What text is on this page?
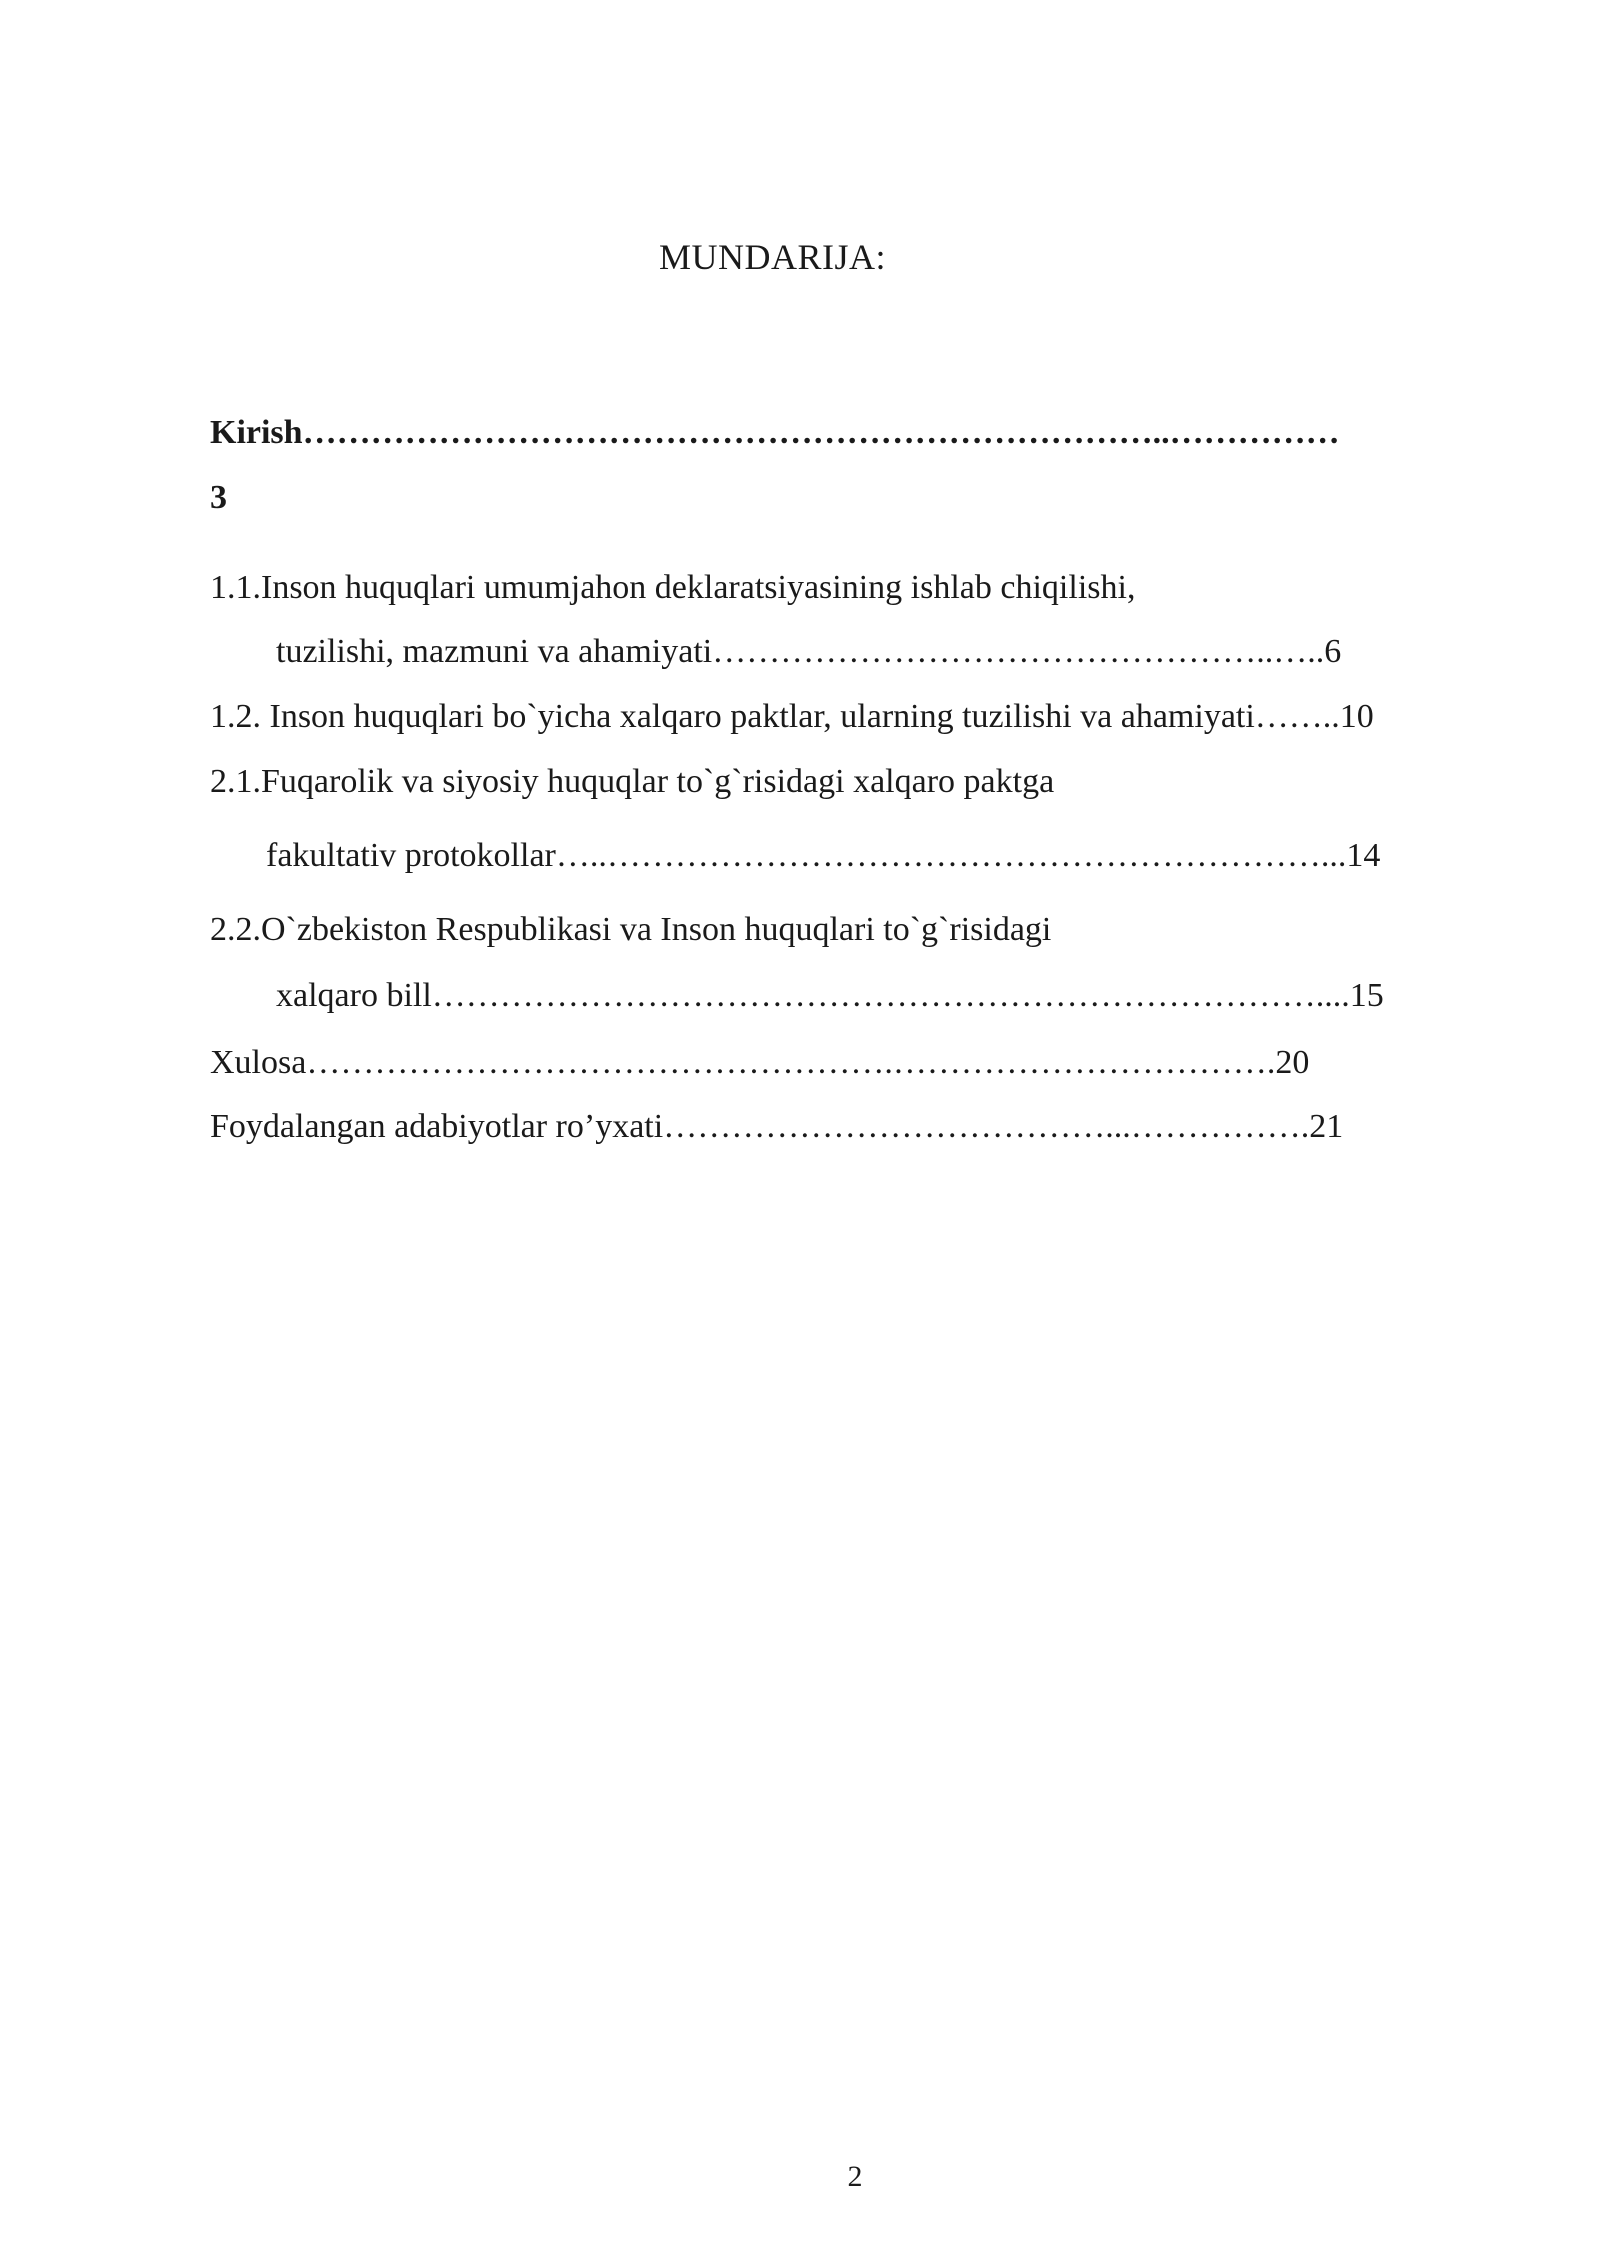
MUNDARIJA:
Kirish…………………………………………………………………..……………
3
1.1.Inson huquqlari umumjahon deklaratsiyasining ishlab chiqilishi,
tuzilishi, mazmuni va ahamiyati…………………………………………..…..6
1.2. Inson huquqlari bo`yicha xalqaro paktlar, ularning tuzilishi va ahamiyati……..10
2.1.Fuqarolik va siyosiy huquqlar to`g`risidagi xalqaro paktga
fakultativ protokollar…..………………………………………………………...14
2.2.O`zbekiston Respublikasi va Inson huquqlari to`g`risidagi
xalqaro bill……………………………………………………………………....15
Xulosa…………………………………………….…………………………….20
Foydalangan adabiyotlar ro’yxati…………………………………...…………….21
2
